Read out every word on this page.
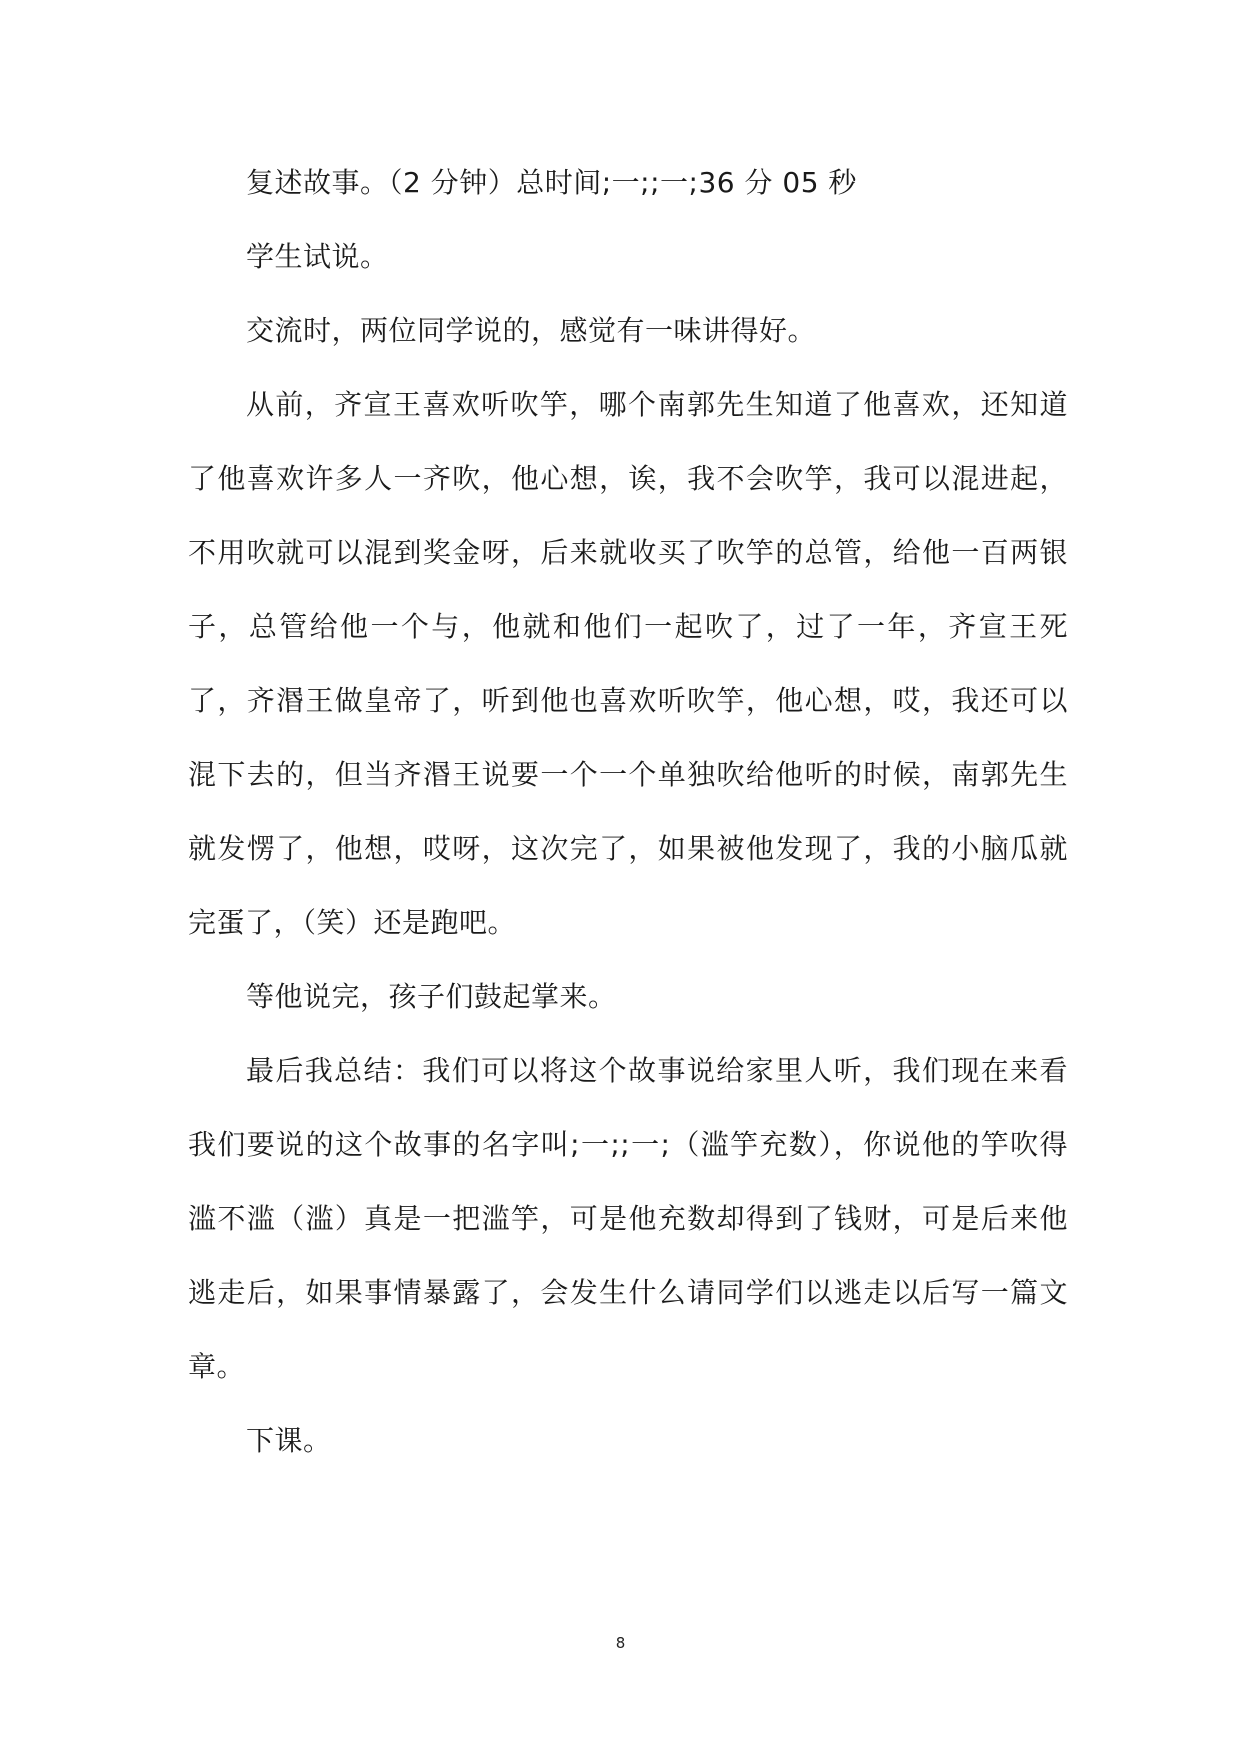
复述故事。（2 分钟）总时间;一;;一;36 分 05 秒

学生试说。

交流时，两位同学说的，感觉有一味讲得好。

从前，齐宣王喜欢听吹竽，哪个南郭先生知道了他喜欢，还知道了他喜欢许多人一齐吹，他心想，诶，我不会吹竽，我可以混进起，不用吹就可以混到奖金呀，后来就收买了吹竽的总管，给他一百两银子，总管给他一个与，他就和他们一起吹了，过了一年，齐宣王死了，齐湣王做皇帝了，听到他也喜欢听吹竽，他心想，哎，我还可以混下去的，但当齐湣王说要一个一个单独吹给他听的时候，南郭先生就发愣了，他想，哎呀，这次完了，如果被他发现了，我的小脑瓜就完蛋了，（笑）还是跑吧。

等他说完，孩子们鼓起掌来。

最后我总结：我们可以将这个故事说给家里人听，我们现在来看我们要说的这个故事的名字叫;一;;一;（滥竽充数），你说他的竽吹得滥不滥（滥）真是一把滥竽，可是他充数却得到了钱财，可是后来他逃走后，如果事情暴露了，会发生什么请同学们以逃走以后写一篇文章。

下课。

8
